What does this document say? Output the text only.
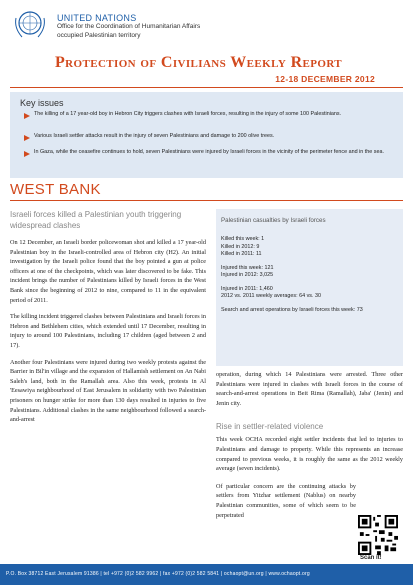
UNITED NATIONS
Office for the Coordination of Humanitarian Affairs
occupied Palestinian territory
Protection of Civilians Weekly Report
12-18 DECEMBER 2012
Key issues
The killing of a 17 year-old boy in Hebron City triggers clashes with Israeli forces, resulting in the injury of some 100 Palestinians.
Various Israeli settler attacks result in the injury of seven Palestinians and damage to 200 olive trees.
In Gaza, while the ceasefire continues to hold, seven Palestinians were injured by Israeli forces in the vicinity of the perimeter fence and in the sea.
WEST BANK
Israeli forces killed a Palestinian youth triggering widespread clashes

On 12 December, an Israeli border policewoman shot and killed a 17 year-old Palestinian boy in the Israeli-controlled area of Hebron city (H2). An initial investigation by the Israeli police found that the boy pointed a gun at police officers at one of the checkpoints, which was later discovered to be fake. This incident brings the number of Palestinians killed by Israeli forces in the West Bank since the beginning of 2012 to nine, compared to 11 in the equivalent period of 2011.

The killing incident triggered clashes between Palestinians and Israeli forces in Hebron and Bethlehem cities, which extended until 17 December, resulting in injury to around 100 Palestinians, including 17 children (aged between 2 and 17).

Another four Palestinians were injured during two weekly protests against the Barrier in Bil'in village and the expansion of Hallamish settlement on An Nabi Saleh's land, both in the Ramallah area. Also this week, protests in Al 'Eesawiya neighbourhood of East Jerusalem in solidarity with two Palestinian prisoners on hunger strike for more than 130 days resulted in injuries to five Palestinians. Additional clashes in the same neighbourhood followed a search-and-arrest

Palestinian casualties by Israeli forces
Killed this week: 1
Killed in 2012: 9
Killed in 2011: 11
Injured this week: 121
Injured in 2012: 3,025
Injured in 2011: 1,460
2012 vs. 2011 weekly averages: 64 vs. 30
Search and arrest operations by Israeli forces this week: 73

operation, during which 14 Palestinians were arrested. Three other Palestinians were injured in clashes with Israeli forces in the course of search-and-arrest operations in Beit Rima (Ramallah), Jaba' (Jenin) and Jenin city.

Rise in settler-related violence

This week OCHA recorded eight settler incidents that led to injuries to Palestinians and damage to property. While this represents an increase compared to previous weeks, it is roughly the same as the 2012 weekly average (seven incidents).

Of particular concern are the continuing attacks by settlers from Yitzhar settlement (Nablus) on nearby Palestinian communities, some of which seem to be perpetrated

Scan it!
P.O. Box 38712 East Jerusalem 91386 | tel +972 (0)2 582 9962 | fax +972 (0)2 582 5841 | ochaopt@un.org | www.ochaopt.org
